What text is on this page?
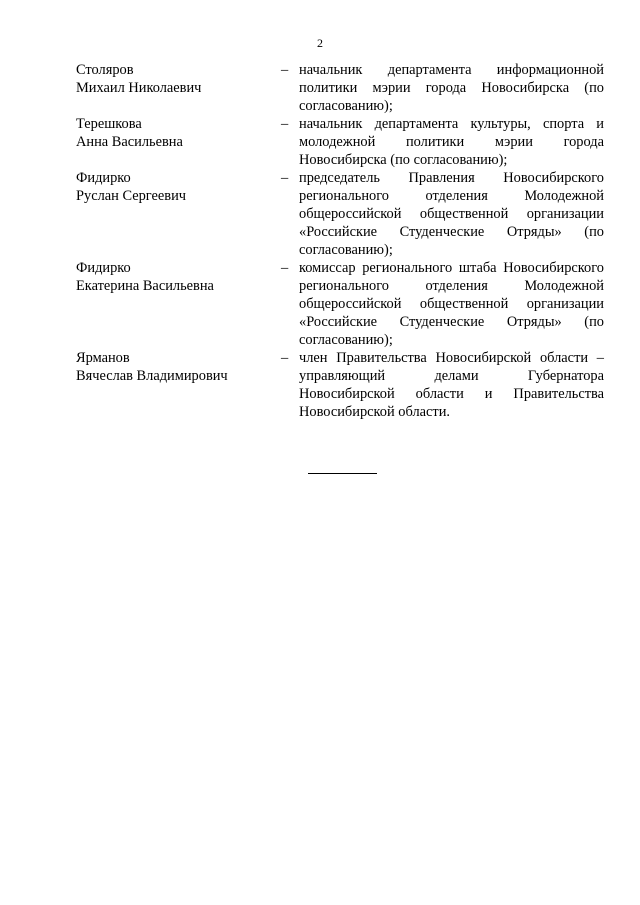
2
Столяров
Михаил Николаевич
– начальник департамента информационной политики мэрии города Новосибирска (по согласованию);
Терешкова
Анна Васильевна
– начальник департамента культуры, спорта и молодежной политики мэрии города Новосибирска (по согласованию);
Фидирко
Руслан Сергеевич
– председатель Правления Новосибирского регионального отделения Молодежной общероссийской общественной организации «Российские Студенческие Отряды» (по согласованию);
Фидирко
Екатерина Васильевна
– комиссар регионального штаба Новосибирского регионального отделения Молодежной общероссийской общественной организации «Российские Студенческие Отряды» (по согласованию);
Ярманов
Вячеслав Владимирович
– член Правительства Новосибирской области – управляющий делами Губернатора Новосибирской области и Правительства Новосибирской области.
